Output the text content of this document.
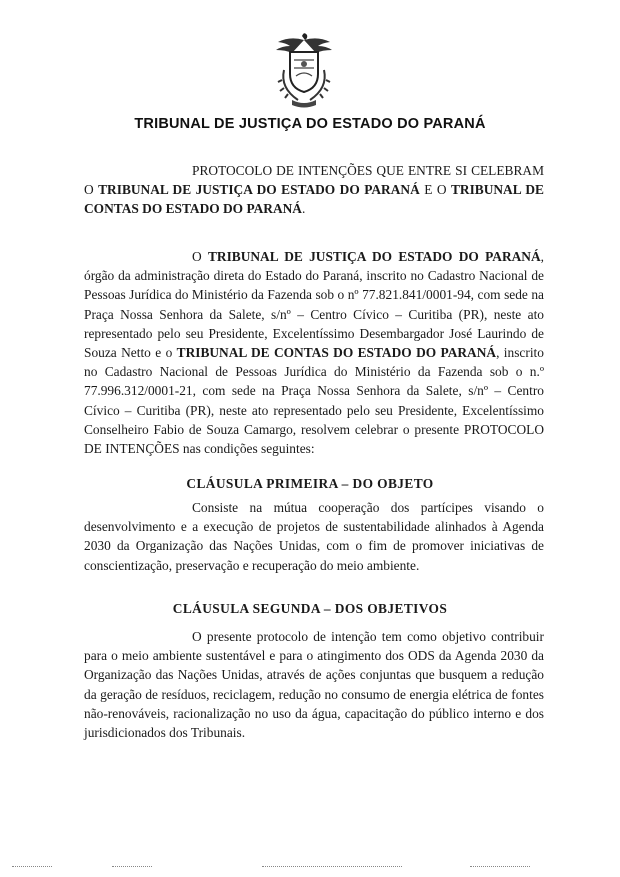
TRIBUNAL DE JUSTIÇA DO ESTADO DO PARANÁ
PROTOCOLO DE INTENÇÕES QUE ENTRE SI CELEBRAM O TRIBUNAL DE JUSTIÇA DO ESTADO DO PARANÁ E O TRIBUNAL DE CONTAS DO ESTADO DO PARANÁ.
O TRIBUNAL DE JUSTIÇA DO ESTADO DO PARANÁ, órgão da administração direta do Estado do Paraná, inscrito no Cadastro Nacional de Pessoas Jurídica do Ministério da Fazenda sob o nº 77.821.841/0001-94, com sede na Praça Nossa Senhora da Salete, s/nº – Centro Cívico – Curitiba (PR), neste ato representado pelo seu Presidente, Excelentíssimo Desembargador José Laurindo de Souza Netto e o TRIBUNAL DE CONTAS DO ESTADO DO PARANÁ, inscrito no Cadastro Nacional de Pessoas Jurídica do Ministério da Fazenda sob o n.º 77.996.312/0001-21, com sede na Praça Nossa Senhora da Salete, s/nº – Centro Cívico – Curitiba (PR), neste ato representado pelo seu Presidente, Excelentíssimo Conselheiro Fabio de Souza Camargo, resolvem celebrar o presente PROTOCOLO DE INTENÇÕES nas condições seguintes:
CLÁUSULA PRIMEIRA – DO OBJETO
Consiste na mútua cooperação dos partícipes visando o desenvolvimento e a execução de projetos de sustentabilidade alinhados à Agenda 2030 da Organização das Nações Unidas, com o fim de promover iniciativas de conscientização, preservação e recuperação do meio ambiente.
CLÁUSULA SEGUNDA – DOS OBJETIVOS
O presente protocolo de intenção tem como objetivo contribuir para o meio ambiente sustentável e para o atingimento dos ODS da Agenda 2030 da Organização das Nações Unidas, através de ações conjuntas que busquem a redução da geração de resíduos, reciclagem, redução no consumo de energia elétrica de fontes não-renováveis, racionalização no uso da água, capacitação do público interno e dos jurisdicionados dos Tribunais.
